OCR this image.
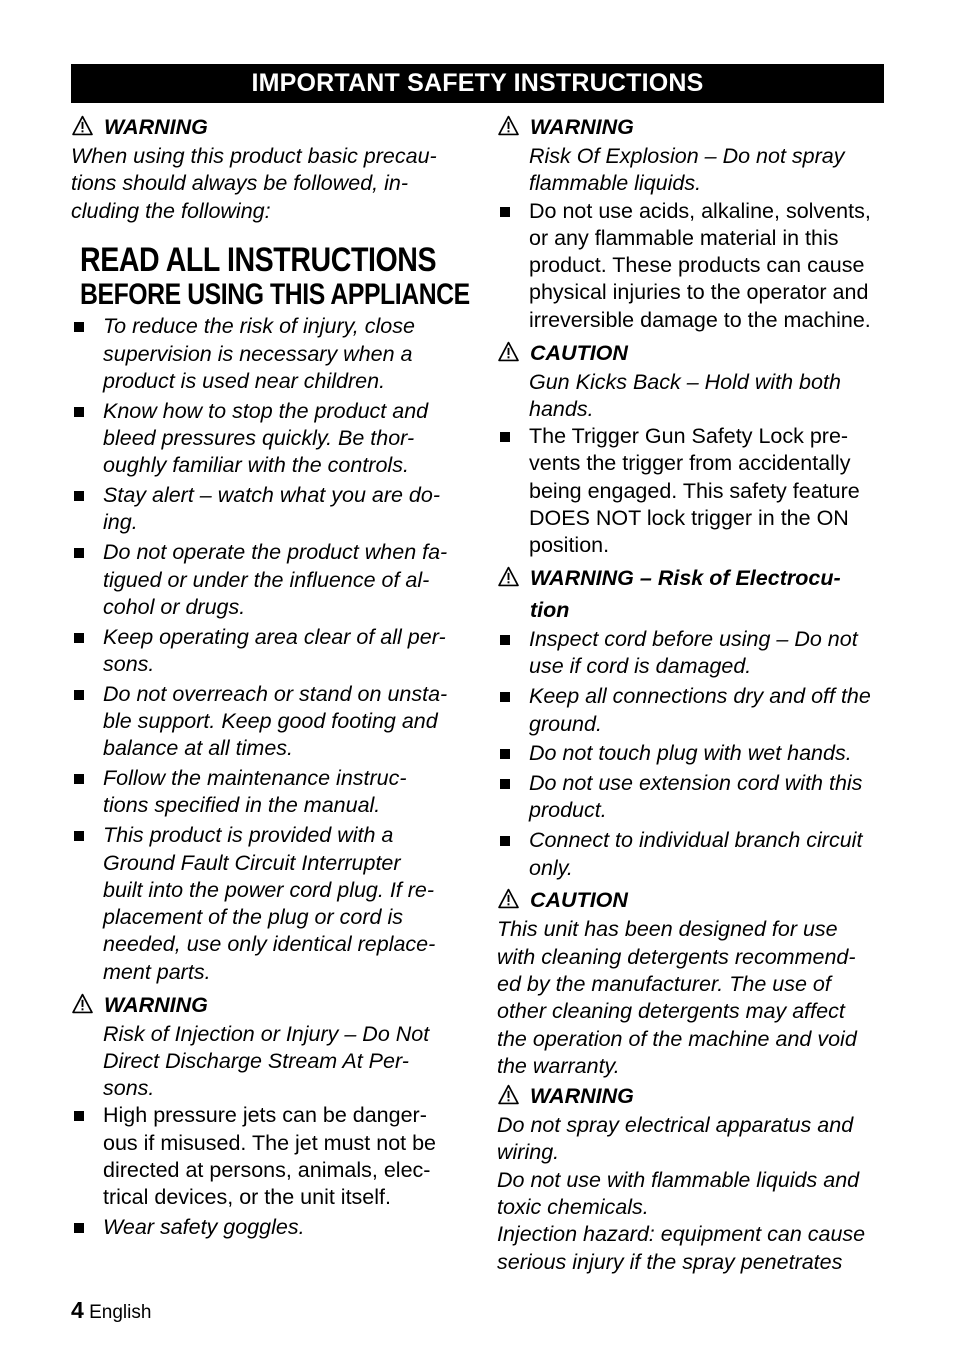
IMPORTANT SAFETY INSTRUCTIONS
WARNING
When using this product basic precau-
tions should always be followed, in-
cluding the following:
READ ALL INSTRUCTIONS
BEFORE USING THIS APPLIANCE
To reduce the risk of injury, close
supervision is necessary when a
product is used near children.
Know how to stop the product and
bleed pressures quickly. Be thor-
oughly familiar with the controls.
Stay alert – watch what you are do-
ing.
Do not operate the product when fa-
tigued or under the influence of al-
cohol or drugs.
Keep operating area clear of all per-
sons.
Do not overreach or stand on unsta-
ble support. Keep good footing and
balance at all times.
Follow the maintenance instruc-
tions specified in the manual.
This product is provided with a
Ground Fault Circuit Interrupter
built into the power cord plug. If re-
placement of the plug or cord is
needed, use only identical replace-
ment parts.
WARNING
Risk of Injection or Injury – Do Not
Direct Discharge Stream At Per-
sons.
High pressure jets can be danger-
ous if misused. The jet must not be
directed at persons, animals, elec-
trical devices, or the unit itself.
Wear safety goggles.
WARNING
Risk Of Explosion – Do not spray
flammable liquids.
Do not use acids, alkaline, solvents,
or any flammable material in this
product. These products can cause
physical injuries to the operator and
irreversible damage to the machine.
CAUTION
Gun Kicks Back – Hold with both
hands.
The Trigger Gun Safety Lock pre-
vents the trigger from accidentally
being engaged. This safety feature
DOES NOT lock trigger in the ON
position.
WARNING – Risk of Electrocu-
tion
Inspect cord before using – Do not
use if cord is damaged.
Keep all connections dry and off the
ground.
Do not touch plug with wet hands.
Do not use extension cord with this
product.
Connect to individual branch circuit
only.
CAUTION
This unit has been designed for use
with cleaning detergents recommend-
ed by the manufacturer. The use of
other cleaning detergents may affect
the operation of the machine and void
the warranty.
WARNING
Do not spray electrical apparatus and
wiring.
Do not use with flammable liquids and
toxic chemicals.
Injection hazard: equipment can cause
serious injury if the spray penetrates
4 English
